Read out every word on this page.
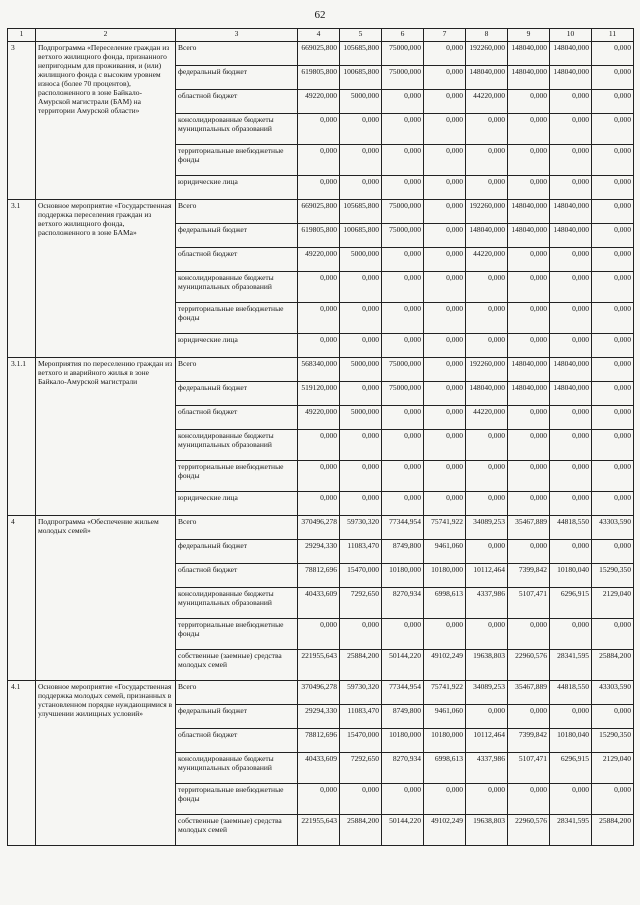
62
1	2	3	4	5	6	7	8	9	10	11
3	Подпрограмма «Переселение граждан из ветхого жилищного фонда, признанного непригодным для проживания, и (или) жилищного фонда с высоким уровнем износа (более 70 процентов), расположенного в зоне Байкало-Амурской магистрали (БАМ) на территории Амурской области»	Всего	669025,800	105685,800	75000,000	0,000	192260,000	148040,000	148040,000	0,000
		федеральный бюджет	619805,800	100685,800	75000,000	0,000	148040,000	148040,000	148040,000	0,000
		областной бюджет	49220,000	5000,000	0,000	0,000	44220,000	0,000	0,000	0,000
		консолидированные бюджеты муниципальных образований	0,000	0,000	0,000	0,000	0,000	0,000	0,000	0,000
		территориальные внебюджетные фонды	0,000	0,000	0,000	0,000	0,000	0,000	0,000	0,000
		юридические лица	0,000	0,000	0,000	0,000	0,000	0,000	0,000	0,000
3.1	Основное мероприятие «Государственная поддержка переселения граждан из ветхого жилищного фонда, расположенного в зоне БАМа»	Всего	669025,800	105685,800	75000,000	0,000	192260,000	148040,000	148040,000	0,000
		федеральный бюджет	619805,800	100685,800	75000,000	0,000	148040,000	148040,000	148040,000	0,000
		областной бюджет	49220,000	5000,000	0,000	0,000	44220,000	0,000	0,000	0,000
		консолидированные бюджеты муниципальных образований	0,000	0,000	0,000	0,000	0,000	0,000	0,000	0,000
		территориальные внебюджетные фонды	0,000	0,000	0,000	0,000	0,000	0,000	0,000	0,000
		юридические лица	0,000	0,000	0,000	0,000	0,000	0,000	0,000	0,000
3.1.1	Мероприятия по переселению граждан из ветхого и аварийного жилья в зоне Байкало-Амурской магистрали	Всего	568340,000	5000,000	75000,000	0,000	192260,000	148040,000	148040,000	0,000
		федеральный бюджет	519120,000	0,000	75000,000	0,000	148040,000	148040,000	148040,000	0,000
		областной бюджет	49220,000	5000,000	0,000	0,000	44220,000	0,000	0,000	0,000
		консолидированные бюджеты муниципальных образований	0,000	0,000	0,000	0,000	0,000	0,000	0,000	0,000
		территориальные внебюджетные фонды	0,000	0,000	0,000	0,000	0,000	0,000	0,000	0,000
		юридические лица	0,000	0,000	0,000	0,000	0,000	0,000	0,000	0,000
4	Подпрограмма «Обеспечение жильем молодых семей»	Всего	370496,278	59730,320	77344,954	75741,922	34089,253	35467,889	44818,550	43303,590
		федеральный бюджет	29294,330	11083,470	8749,800	9461,060	0,000	0,000	0,000	0,000
		областной бюджет	78812,696	15470,000	10180,000	10180,000	10112,464	7399,842	10180,040	15290,350
		консолидированные бюджеты муниципальных образований	40433,609	7292,650	8270,934	6998,613	4337,986	5107,471	6296,915	2129,040
		территориальные внебюджетные фонды	0,000	0,000	0,000	0,000	0,000	0,000	0,000	0,000
		собственные (заемные) средства молодых семей	221955,643	25884,200	50144,220	49102,249	19638,803	22960,576	28341,595	25884,200
4.1	Основное мероприятие «Государственная поддержка молодых семей, признанных в установленном порядке нуждающимися в улучшении жилищных условий»	Всего	370496,278	59730,320	77344,954	75741,922	34089,253	35467,889	44818,550	43303,590
		федеральный бюджет	29294,330	11083,470	8749,800	9461,060	0,000	0,000	0,000	0,000
		областной бюджет	78812,696	15470,000	10180,000	10180,000	10112,464	7399,842	10180,040	15290,350
		консолидированные бюджеты муниципальных образований	40433,609	7292,650	8270,934	6998,613	4337,986	5107,471	6296,915	2129,040
		территориальные внебюджетные фонды	0,000	0,000	0,000	0,000	0,000	0,000	0,000	0,000
		собственные (заемные) средства молодых семей	221955,643	25884,200	50144,220	49102,249	19638,803	22960,576	28341,595	25884,200
